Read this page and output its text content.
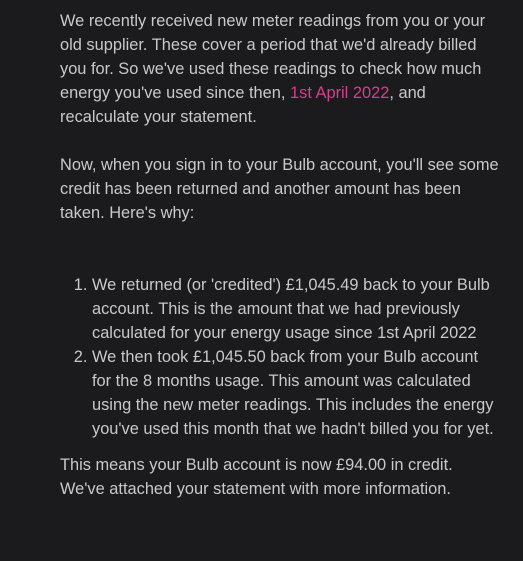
We recently received new meter readings from you or your old supplier. These cover a period that we'd already billed you for. So we've used these readings to check how much energy you've used since then, 1st April 2022, and recalculate your statement.

Now, when you sign in to your Bulb account, you'll see some credit has been returned and another amount has been taken. Here's why:

1. We returned (or 'credited') £1,045.49 back to your Bulb account. This is the amount that we had previously calculated for your energy usage since 1st April 2022
2. We then took £1,045.50 back from your Bulb account for the 8 months usage. This amount was calculated using the new meter readings. This includes the energy you've used this month that we hadn't billed you for yet.

This means your Bulb account is now £94.00 in credit. We've attached your statement with more information.
